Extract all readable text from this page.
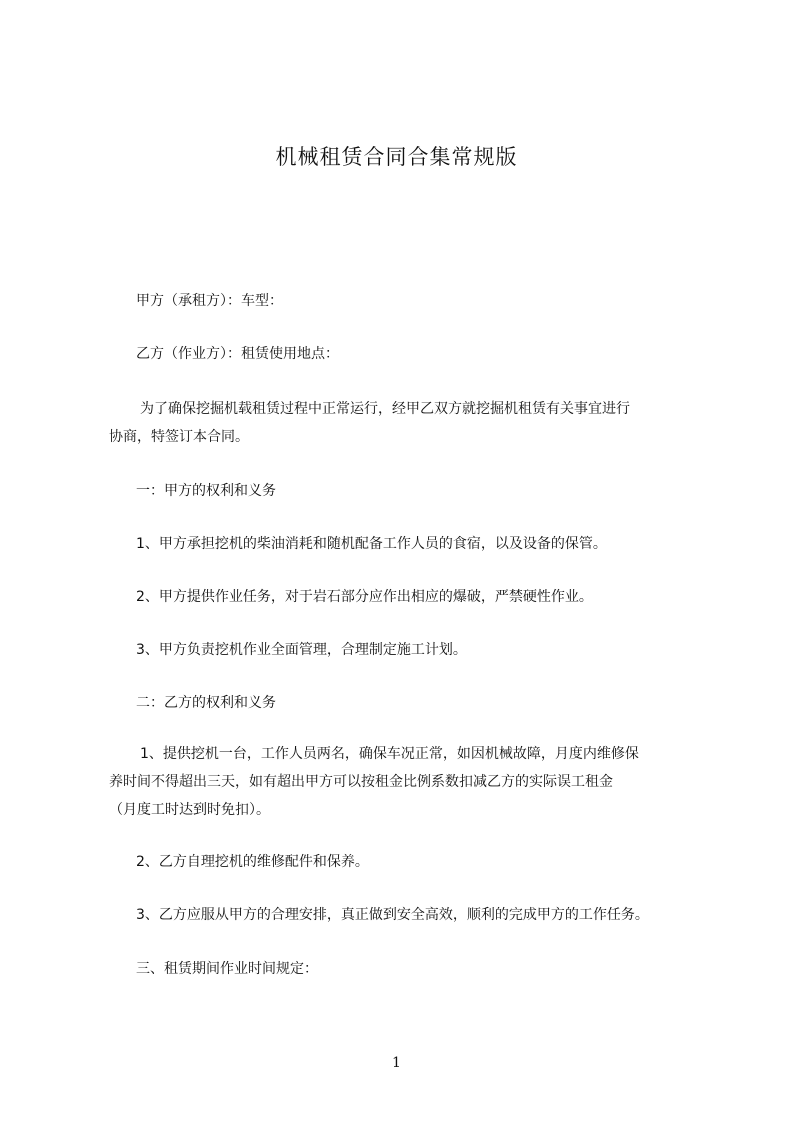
机械租赁合同合集常规版
甲方（承租方）：车型：
乙方（作业方）：租赁使用地点：
为了确保挖掘机载租赁过程中正常运行，经甲乙双方就挖掘机租赁有关事宜进行
协商，特签订本合同。
一：甲方的权利和义务
1、甲方承担挖机的柴油消耗和随机配备工作人员的食宿，以及设备的保管。
2、甲方提供作业任务，对于岩石部分应作出相应的爆破，严禁硬性作业。
3、甲方负责挖机作业全面管理，合理制定施工计划。
二：乙方的权利和义务
1、提供挖机一台，工作人员两名，确保车况正常，如因机械故障，月度内维修保
养时间不得超出三天，如有超出甲方可以按租金比例系数扣减乙方的实际误工租金
（月度工时达到时免扣）。
2、乙方自理挖机的维修配件和保养。
3、乙方应服从甲方的合理安排，真正做到安全高效，顺利的完成甲方的工作任务。
三、租赁期间作业时间规定：
1
